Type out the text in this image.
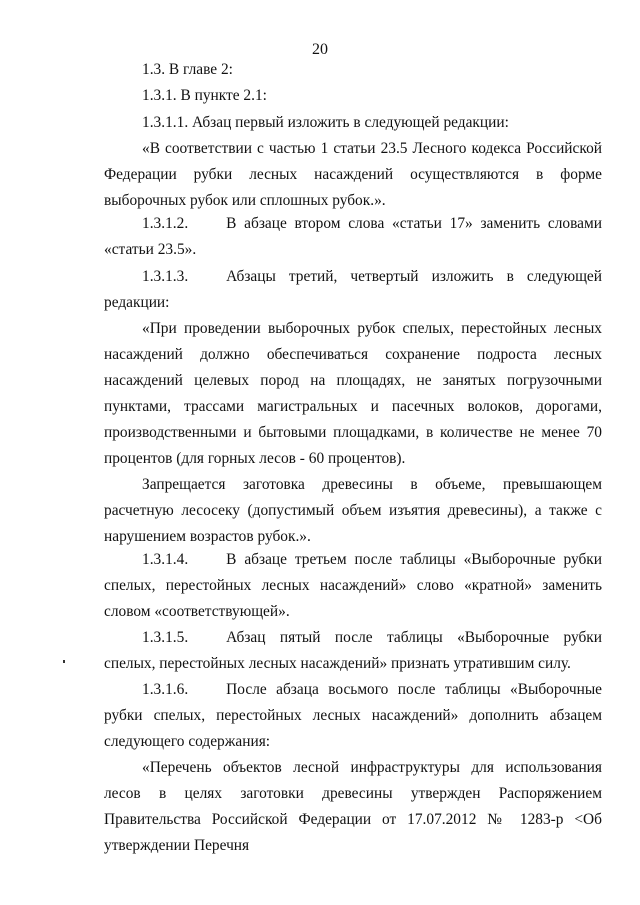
20
1.3. В главе 2:
1.3.1. В пункте 2.1:
1.3.1.1. Абзац первый изложить в следующей редакции:
«В соответствии с частью 1 статьи 23.5 Лесного кодекса Российской Федерации рубки лесных насаждений осуществляются в форме выборочных рубок или сплошных рубок.».
1.3.1.2. В абзаце втором слова «статьи 17» заменить словами «статьи 23.5».
1.3.1.3. Абзацы третий, четвертый изложить в следующей редакции:
«При проведении выборочных рубок спелых, перестойных лесных насаждений должно обеспечиваться сохранение подроста лесных насаждений целевых пород на площадях, не занятых погрузочными пунктами, трассами магистральных и пасечных волоков, дорогами, производственными и бытовыми площадками, в количестве не менее 70 процентов (для горных лесов - 60 процентов).
Запрещается заготовка древесины в объеме, превышающем расчетную лесосеку (допустимый объем изъятия древесины), а также с нарушением возрастов рубок.».
1.3.1.4. В абзаце третьем после таблицы «Выборочные рубки спелых, перестойных лесных насаждений» слово «кратной» заменить словом «соответствующей».
1.3.1.5. Абзац пятый после таблицы «Выборочные рубки спелых, перестойных лесных насаждений» признать утратившим силу.
1.3.1.6. После абзаца восьмого после таблицы «Выборочные рубки спелых, перестойных лесных насаждений» дополнить абзацем следующего содержания:
«Перечень объектов лесной инфраструктуры для использования лесов в целях заготовки древесины утвержден Распоряжением Правительства Российской Федерации от 17.07.2012 № 1283-р <Об утверждении Перечня
